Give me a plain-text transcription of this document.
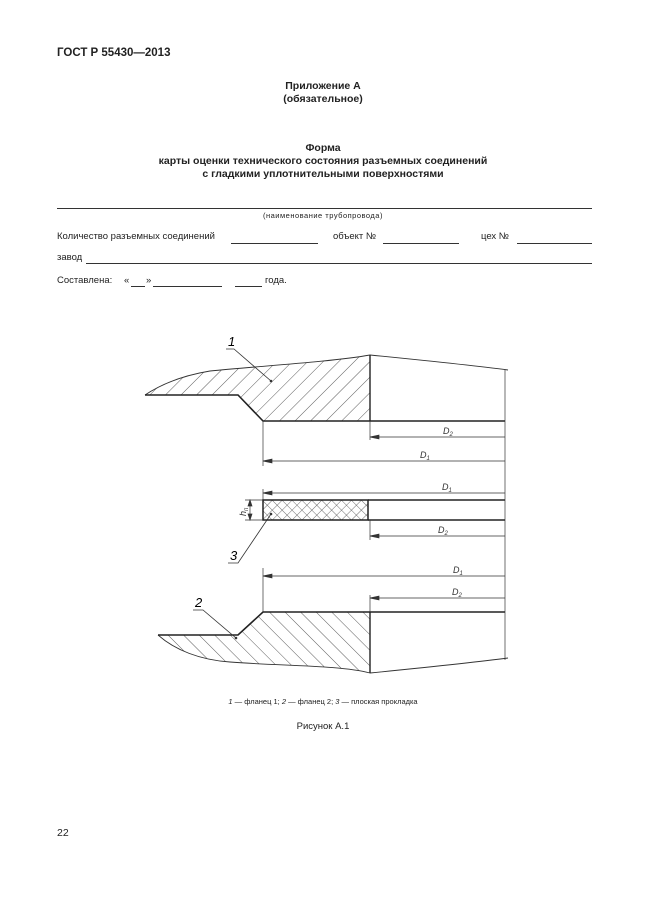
ГОСТ Р 55430—2013
Приложение А
(обязательное)
Форма
карты оценки технического состояния разъемных соединений
с гладкими уплотнительными поверхностями
(наименование трубопровода)
Количество разъемных соединений	объект №	цех №
завод
Составлена: « »	года.
1
3
2
$D_2$
$D_1$
$D_1$
$D_2$
$D_1$
$D_2$
$h_п$
1 — фланец 1; 2 — фланец 2; 3 — плоская прокладка
Рисунок А.1
22
